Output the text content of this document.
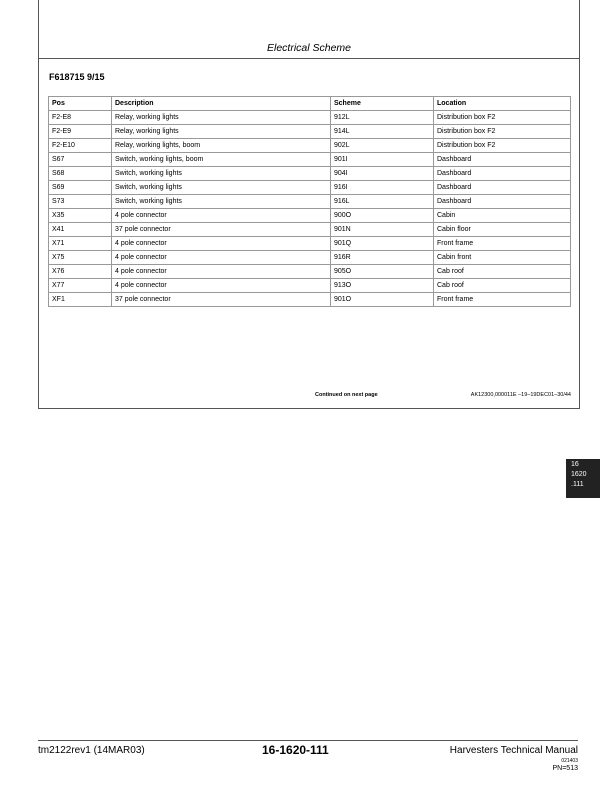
Electrical Scheme
F618715 9/15
Pos	Description	Scheme	Location
F2-E8	Relay, working lights	912L	Distribution box F2
F2-E9	Relay, working lights	914L	Distribution box F2
F2-E10	Relay, working lights, boom	902L	Distribution box F2
S67	Switch, working lights, boom	901I	Dashboard
S68	Switch, working lights	904I	Dashboard
S69	Switch, working lights	916I	Dashboard
S73	Switch, working lights	916L	Dashboard
X35	4 pole connector	900O	Cabin
X41	37 pole connector	901N	Cabin floor
X71	4 pole connector	901Q	Front frame
X75	4 pole connector	916R	Cabin front
X76	4 pole connector	905O	Cab roof
X77	4 pole connector	913O	Cab roof
XF1	37 pole connector	901O	Front frame
Continued on next page	AK12300,000011E –19–19DEC01–30/44
16
1620
.111
tm2122rev1 (14MAR03)	16-1620-111	Harvesters Technical Manual
021403
PN=513
